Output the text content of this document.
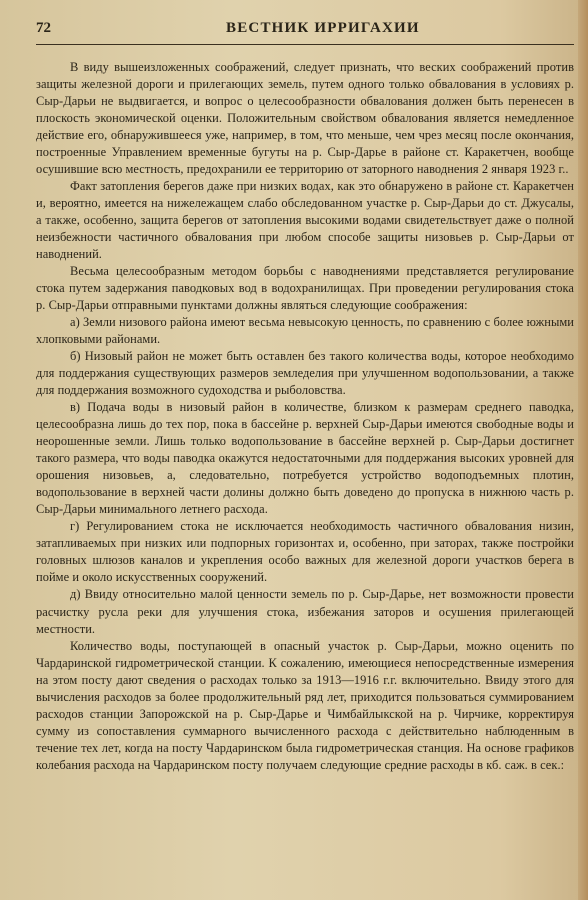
72	ВЕСТНИК ИРРИГАХИИ

В виду вышеизложенных соображений, следует признать, что веских соображений против защиты железной дороги и прилегающих земель, путем одного только обвалования в условиях р. Сыр-Дарьи не выдвигается, и вопрос о целесообразности обвалования должен быть перенесен в плоскость экономической оценки. Положительным свойством обвалования является немедленное действие его, обнаружившееся уже, например, в том, что меньше, чем чрез месяц после окончания, построенные Управлением временные бугуты на р. Сыр-Дарье в районе ст. Каракетчен, вообще осушившие всю местность, предохранили ее территорию от заторного наводнения 2 января 1923 г..

Факт затопления берегов даже при низких водах, как это обнаружено в районе ст. Каракетчен и, вероятно, имеется на нижележащем слабо обследованном участке р. Сыр-Дарьи до ст. Джусалы, а также, особенно, защита берегов от затопления высокими водами свидетельствует даже о полной неизбежности частичного обвалования при любом способе защиты низовьев р. Сыр-Дарьи от наводнений.

Весьма целесообразным методом борьбы с наводнениями представляется регулирование стока путем задержания паводковых вод в водохранилищах. При проведении регулирования стока р. Сыр-Дарьи отправными пунктами должны являться следующие соображения:

а) Земли низового района имеют весьма невысокую ценность, по сравнению с более южными хлопковыми районами.

б) Низовый район не может быть оставлен без такого количества воды, которое необходимо для поддержания существующих размеров земледелия при улучшенном водопользовании, а также для поддержания возможного судоходства и рыболовства.

в) Подача воды в низовый район в количестве, близком к размерам среднего паводка, целесообразна лишь до тех пор, пока в бассейне р. верхней Сыр-Дарьи имеются свободные воды и неорошенные земли. Лишь только водопользование в бассейне верхней р. Сыр-Дарьи достигнет такого размера, что воды паводка окажутся недостаточными для поддержания высоких уровней для орошения низовьев, а, следовательно, потребуется устройство водоподъемных плотин, водопользование в верхней части долины должно быть доведено до пропуска в нижнюю часть р. Сыр-Дарьи минимального летнего расхода.

г) Регулированием стока не исключается необходимость частичного обвалования низин, затапливаемых при низких или подпорных горизонтах и, особенно, при заторах, также постройки головных шлюзов каналов и укрепления особо важных для железной дороги участков берега в пойме и около искусственных сооружений.

д) Ввиду относительно малой ценности земель по р. Сыр-Дарье, нет возможности провести расчистку русла реки для улучшения стока, избежания заторов и осушения прилегающей местности.

Количество воды, поступающей в опасный участок р. Сыр-Дарьи, можно оценить по Чардаринской гидрометрической станции. К сожалению, имеющиеся непосредственные измерения на этом посту дают сведения о расходах только за 1913—1916 г.г. включительно. Ввиду этого для вычисления расходов за более продолжительный ряд лет, приходится пользоваться суммированием расходов станции Запорожской на р. Сыр-Дарье и Чимбайлыкской на р. Чирчике, корректируя сумму из сопоставления суммарного вычисленного расхода с действительно наблюденным в течение тех лет, когда на посту Чардаринском была гидрометрическая станция. На основе графиков колебания расхода на Чардаринском посту получаем следующие средние расходы в кб. саж. в сек.:
